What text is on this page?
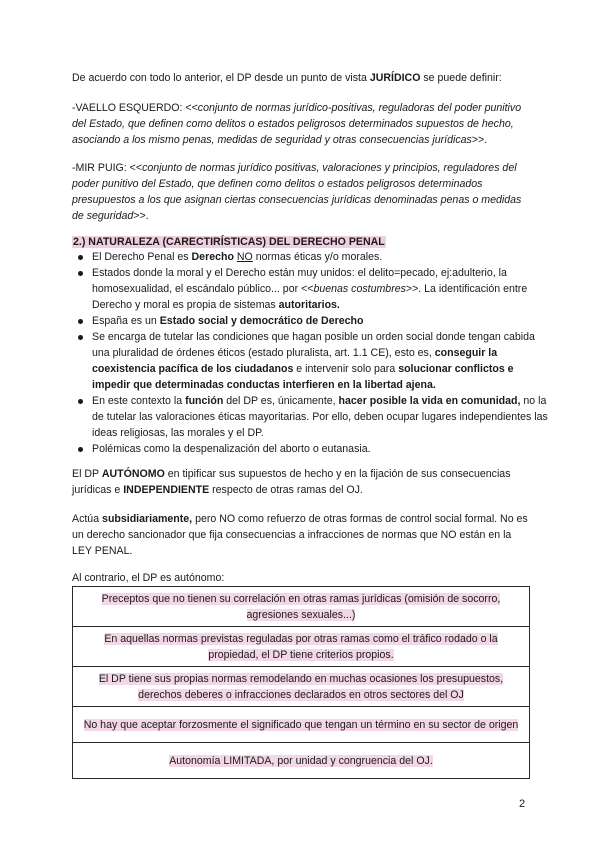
De acuerdo con todo lo anterior, el DP desde un punto de vista JURÍDICO se puede definir:

-VAELLO ESQUERDO: <<conjunto de normas jurídico-positivas, reguladoras del poder punitivo del Estado, que definen como delitos o estados peligrosos determinados supuestos de hecho, asociando a los mismo penas, medidas de seguridad y otras consecuencias jurídicas>>.

-MIR PUIG: <<conjunto de normas jurídico positivas, valoraciones y principios, reguladores del poder punitivo del Estado, que definen como delitos o estados peligrosos determinados presupuestos a los que asignan ciertas consecuencias jurídicas denominadas penas o medidas de seguridad>>.

2.) NATURALEZA (CARECTIRÍSTICAS) DEL DERECHO PENAL
El Derecho Penal es Derecho NO normas éticas y/o morales.
Estados donde la moral y el Derecho están muy unidos: el delito=pecado, ej:adulterio, la homosexualidad, el escándalo público... por <<buenas costumbres>>. La identificación entre Derecho y moral es propia de sistemas autoritarios.
España es un Estado social y democrático de Derecho
Se encarga de tutelar las condiciones que hagan posible un orden social donde tengan cabida una pluralidad de órdenes éticos (estado pluralista, art. 1.1 CE), esto es, conseguir la coexistencia pacífica de los ciudadanos e intervenir solo para solucionar conflictos e impedir que determinadas conductas interfieren en la libertad ajena.
En este contexto la función del DP es, únicamente, hacer posible la vida en comunidad, no la de tutelar las valoraciones éticas mayoritarias. Por ello, deben ocupar lugares independientes las ideas religiosas, las morales y el DP.
Polémicas como la despenalización del aborto o eutanasia.

El DP AUTÓNOMO en tipificar sus supuestos de hecho y en la fijación de sus consecuencias jurídicas e INDEPENDIENTE respecto de otras ramas del OJ.

Actúa subsidiariamente, pero NO como refuerzo de otras formas de control social formal. No es un derecho sancionador que fija consecuencias a infracciones de normas que NO están en la LEY PENAL.

Al contrario, el DP es autónomo:

Preceptos que no tienen su correlación en otras ramas jurídicas (omisión de socorro, agresiones sexuales...)
En aquellas normas previstas reguladas por otras ramas como el tráfico rodado o la propiedad, el DP tiene criterios propios.
El DP tiene sus propias normas remodelando en muchas ocasiones los presupuestos, derechos deberes o infracciones declarados en otros sectores del OJ
No hay que aceptar forzosmente el significado que tengan un término en su sector de origen
Autonomía LIMITADA, por unidad y congruencia del OJ.
2
